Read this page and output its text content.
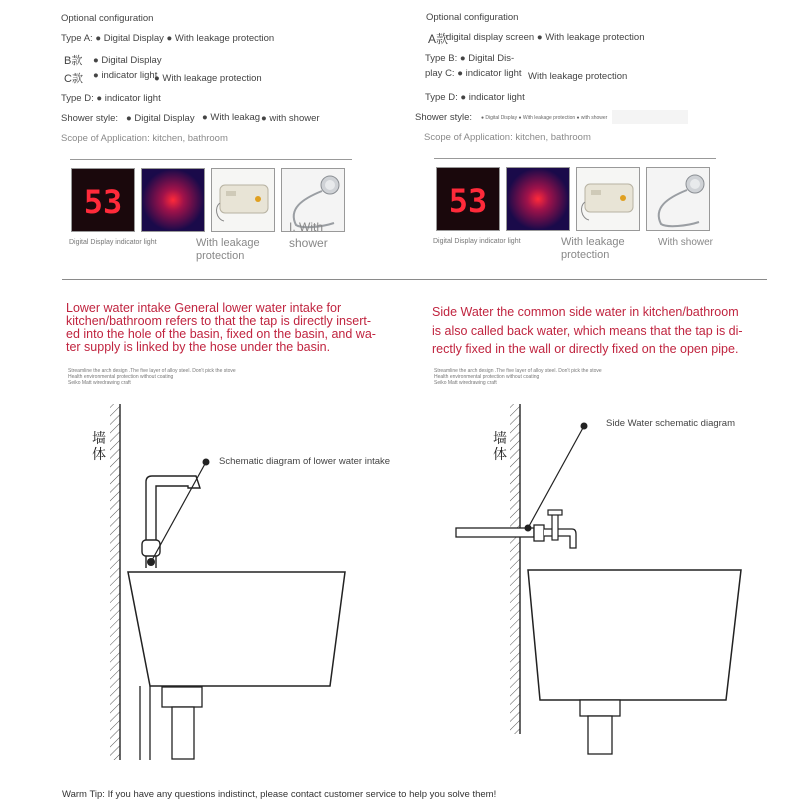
Optional configuration
Type A: ● Digital Display ● With leakage protection
B款 ● Digital Display
C款 ● indicator light
● With leakage protection
Type D: ● indicator light
Shower style: ● Digital Display ● With leakag ● with shower
Scope of Application: kitchen, bathroom
53
Digital Display indicator light	With leakage protection
I. With shower
Optional configuration
A款
digital display screen ● With leakage protection
Type B: ● Digital Dis-
play C: ● indicator light With leakage protection
Type D: ● indicator light
Shower style: ● Digital Display ● With leakage protection ● with shower
Scope of Application: kitchen, bathroom
53
Digital Display indicator light	With leakage protection
With shower
Lower water intake General lower water intake for
kitchen/bathroom refers to that the tap is directly insert-
ed into the hole of the basin, fixed on the basin, and wa-
ter supply is linked by the hose under the basin.
Streamline the arch design .The five layer of alloy steel. Don't pick the stove
Health environmental protection without coating
Seiko Matt wiredrawing craft
墙体	Schematic diagram of lower water intake
Side Water the common side water in kitchen/bathroom
is also called back water, which means that the tap is di-
rectly fixed in the wall or directly fixed on the open pipe.
Streamline the arch design .The five layer of alloy steel. Don't pick the stove
Health environmental protection without coating
Seiko Matt wiredrawing craft
墙体
Side Water schematic diagram
Warm Tip: If you have any questions indistinct, please contact customer service to help you solve them!
